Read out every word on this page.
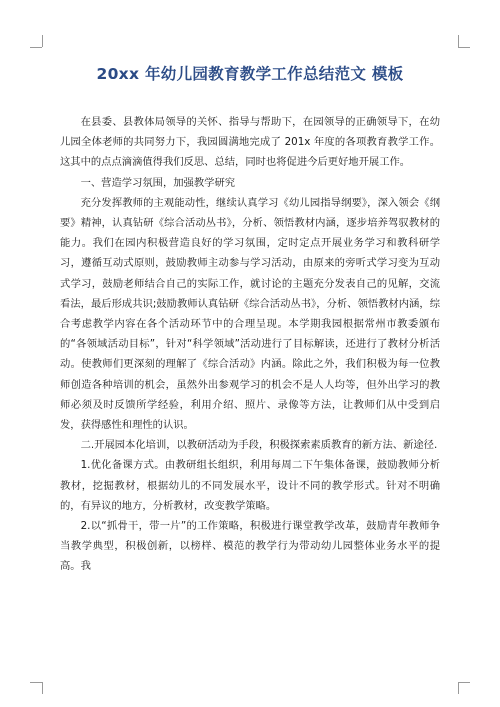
20xx 年幼儿园教育教学工作总结范文 模板

在县委、县教体局领导的关怀、指导与帮助下，在园领导的正确领导下，在幼儿园全体老师的共同努力下，我园圆满地完成了 201x 年度的各项教育教学工作。这其中的点点滴滴值得我们反思、总结，同时也将促进今后更好地开展工作。

一、营造学习氛围，加强教学研究

充分发挥教师的主观能动性，继续认真学习《幼儿园指导纲要》，深入领会《纲要》精神，认真钻研《综合活动丛书》，分析、领悟教材内涵，逐步培养驾驭教材的能力。我们在园内积极营造良好的学习氛围，定时定点开展业务学习和教科研学习，遵循互动式原则，鼓励教师主动参与学习活动，由原来的旁听式学习变为互动式学习，鼓励老师结合自己的实际工作，就讨论的主题充分发表自己的见解，交流看法，最后形成共识;鼓励教师认真钻研《综合活动丛书》，分析、领悟教材内涵，综合考虑教学内容在各个活动环节中的合理呈现。本学期我园根据常州市教委颁布的“各领域活动目标”，针对“科学领域”活动进行了目标解读，还进行了教材分析活动。使教师们更深刻的理解了《综合活动》内涵。除此之外，我们积极为每一位教师创造各种培训的机会，虽然外出参观学习的机会不是人人均等，但外出学习的教师必须及时反馈所学经验，利用介绍、照片、录像等方法，让教师们从中受到启发，获得感性和理性的认识。

二.开展园本化培训，以教研活动为手段，积极探索素质教育的新方法、新途径.

1.优化备课方式。由教研组长组织，利用每周二下午集体备课，鼓励教师分析教材，挖掘教材，根据幼儿的不同发展水平，设计不同的教学形式。针对不明确的，有异议的地方，分析教材，改变教学策略。

2.以“抓骨干，带一片”的工作策略，积极进行课堂教学改革，鼓励青年教师争当教学典型，积极创新，以榜样、模范的教学行为带动幼儿园整体业务水平的提高。我
